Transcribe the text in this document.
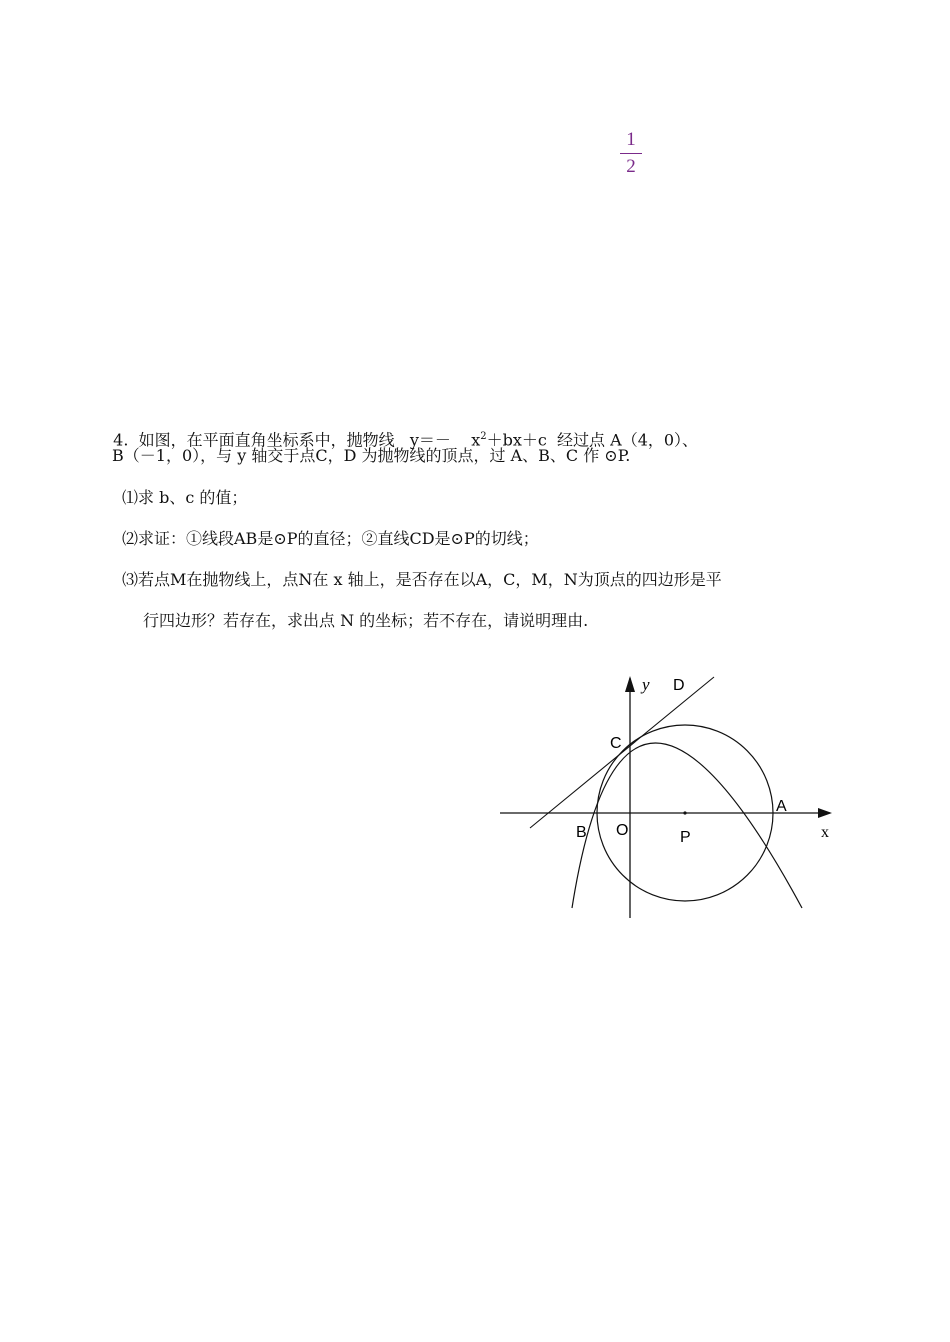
1
2

4.  如图，在平面直角坐标系中，抛物线   y＝－    $x^2+bx+c$  经过点 A（4，0）、

B（－1，0），与 y 轴交于点C，D 为抛物线的顶点，过 A、B、C 作 ⊙P.
⑴求 b、c 的值；
⑵求证：①线段AB是⊙P的直径；②直线CD是⊙P的切线；
⑶若点M在抛物线上，点N在 x 轴上，是否存在以A，C，M，N为顶点的四边形是平
行四边形？若存在，求出点 N 的坐标；若不存在，请说明理由.
y D
C
B O	P
A
x
